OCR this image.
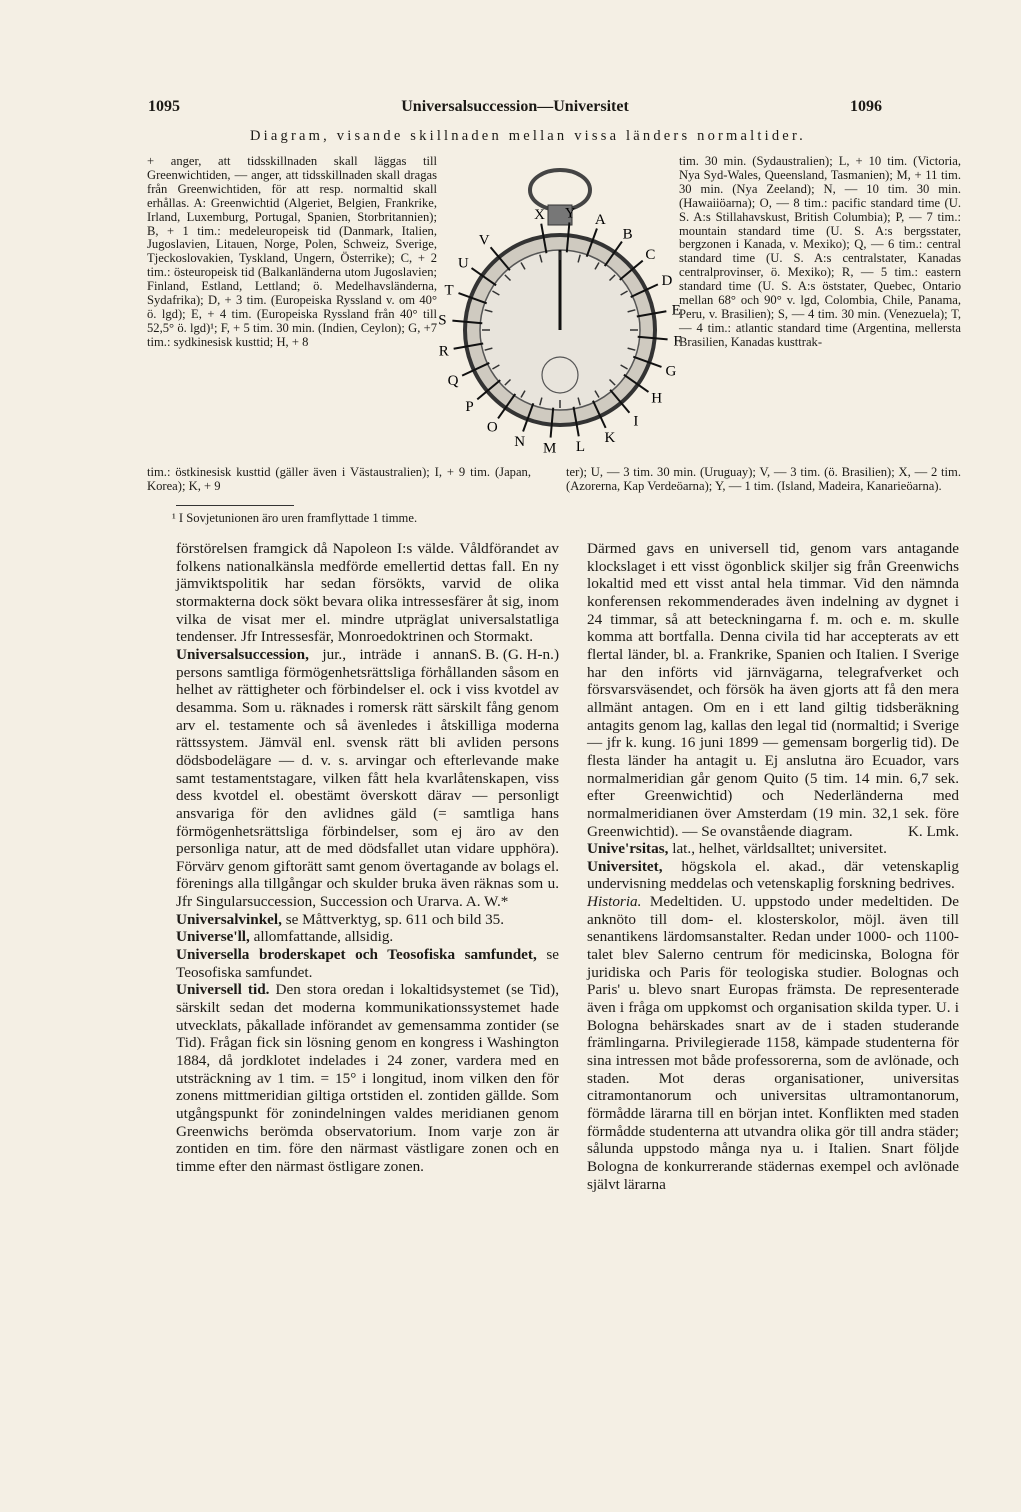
1095	Universalsuccession—Universitet	1096
Diagram, visande skillnaden mellan vissa länders normaltider.
+ anger, att tidsskillnaden skall läggas till Greenwichtiden, — anger, att tidsskillnaden skall dragas från Greenwichtiden, för att resp. normaltid skall erhållas. A: Greenwichtid (Algeriet, Belgien, Frankrike, Irland, Luxemburg, Portugal, Spanien, Storbritannien); B, + 1 tim.: medeleuropeisk tid (Danmark, Italien, Jugoslavien, Litauen, Norge, Polen, Schweiz, Sverige, Tjeckoslovakien, Tyskland, Ungern, Österrike); C, + 2 tim.: östeuropeisk tid (Balkanländerna utom Jugoslavien; Finland, Estland, Lettland; ö. Medelhavsländerna, Sydafrika); D, + 3 tim. (Europeiska Ryssland v. om 40° ö. lgd); E, + 4 tim. (Europeiska Ryssland från 40° till 52,5° ö. lgd)¹; F, + 5 tim. 30 min. (Indien, Ceylon); G, +7 tim.: sydkinesisk kusttid; H, + 8
tim. 30 min. (Sydaustralien); L, + 10 tim. (Victoria, Nya Syd-Wales, Queensland, Tasmanien); M, + 11 tim. 30 min. (Nya Zeeland); N, — 10 tim. 30 min. (Hawaiiöarna); O, — 8 tim.: pacific standard time (U. S. A:s Stillahavskust, British Columbia); P, — 7 tim.: mountain standard time (U. S. A:s bergsstater, bergzonen i Kanada, v. Mexiko); Q, — 6 tim.: central standard time (U. S. A:s centralstater, Kanadas centralprovinser, ö. Mexiko); R, — 5 tim.: eastern standard time (U. S. A:s öststater, Quebec, Ontario mellan 68° och 90° v. lgd, Colombia, Chile, Panama, Peru, v. Brasilien); S, — 4 tim. 30 min. (Venezuela); T, — 4 tim.: atlantic standard time (Argentina, mellersta Brasilien, Kanadas kusttrak-
tim.: östkinesisk kusttid (gäller även i Västaustralien); I, + 9 tim. (Japan, Korea); K, + 9
ter); U, — 3 tim. 30 min. (Uruguay); V, — 3 tim. (ö. Brasilien); X, — 2 tim. (Azorerna, Kap Verdeöarna); Y, — 1 tim. (Island, Madeira, Kanarieöarna).
¹ I Sovjetunionen äro uren framflyttade 1 timme.
X Y A
B
C
D
E
F
G
H
I
K
L
M
N
O
P
Q
R
S
T
U
V

förstörelsen framgick då Napoleon I:s välde. Våldförandet av folkens nationalkänsla medförde emellertid dettas fall. En ny jämviktspolitik har sedan försökts, varvid de olika stormakterna dock sökt bevara olika intressesfärer åt sig, inom vilka de visat mer el. mindre utpräglat universalstatliga tendenser. Jfr Intressesfär, Monroedoktrinen och Stormakt.
S. B. (G. H-n.)

Universalsuccession, jur., inträde i annan persons samtliga förmögenhetsrättsliga förhållanden såsom en helhet av rättigheter och förbindelser el. ock i viss kvotdel av desamma. Som u. räknades i romersk rätt särskilt fång genom arv el. testamente och så ävenledes i åtskilliga moderna rättssystem. Jämväl enl. svensk rätt bli avliden persons dödsbodelägare — d. v. s. arvingar och efterlevande make samt testamentstagare, vilken fått hela kvarlåtenskapen, viss dess kvotdel el. obestämt överskott därav — personligt ansvariga för den avlidnes gäld (= samtliga hans förmögenhetsrättsliga förbindelser, som ej äro av den personliga natur, att de med dödsfallet utan vidare upphöra). Förvärv genom giftorätt samt genom övertagande av bolags el. förenings alla tillgångar och skulder bruka även räknas som u. Jfr Singularsuccession, Succession och Urarva. A. W.*

Universalvinkel, se Måttverktyg, sp. 611 och bild 35.

Universe'll, allomfattande, allsidig.

Universella broderskapet och Teosofiska samfundet, se Teosofiska samfundet.

Universell tid. Den stora oredan i lokaltidsystemet (se Tid), särskilt sedan det moderna kommunikationssystemet hade utvecklats, påkallade införandet av gemensamma zontider (se Tid). Frågan fick sin lösning genom en kongress i Washington 1884, då jordklotet indelades i 24 zoner, vardera med en utsträckning av 1 tim. = 15° i longitud, inom vilken den för zonens mittmeridian giltiga ortstiden el. zontiden gällde. Som utgångspunkt för zonindelningen valdes meridianen genom Greenwichs berömda observatorium. Inom varje zon är zontiden en tim. före den närmast västligare zonen och en timme efter den närmast östligare zonen.

Därmed gavs en universell tid, genom vars antagande klockslaget i ett visst ögonblick skiljer sig från Greenwichs lokaltid med ett visst antal hela timmar. Vid den nämnda konferensen rekommenderades även indelning av dygnet i 24 timmar, så att beteckningarna f. m. och e. m. skulle komma att bortfalla. Denna civila tid har accepterats av ett flertal länder, bl. a. Frankrike, Spanien och Italien. I Sverige har den införts vid järnvägarna, telegrafverket och försvarsväsendet, och försök ha även gjorts att få den mera allmänt antagen. Om en i ett land giltig tidsberäkning antagits genom lag, kallas den legal tid (normaltid; i Sverige — jfr k. kung. 16 juni 1899 — gemensam borgerlig tid). De flesta länder ha antagit u. Ej anslutna äro Ecuador, vars normalmeridian går genom Quito (5 tim. 14 min. 6,7 sek. efter Greenwichtid) och Nederländerna med normalmeridianen över Amsterdam (19 min. 32,1 sek. före Greenwichtid). — Se ovanstående diagram.	K. Lmk.

Unive'rsitas, lat., helhet, världsalltet; universitet.

Universitet, högskola el. akad., där vetenskaplig undervisning meddelas och vetenskaplig forskning bedrives.

Historia. Medeltiden. U. uppstodo under medeltiden. De anknöto till dom- el. klosterskolor, möjl. även till senantikens lärdomsanstalter. Redan under 1000- och 1100-talet blev Salerno centrum för medicinska, Bologna för juridiska och Paris för teologiska studier. Bolognas och Paris' u. blevo snart Europas främsta. De representerade även i fråga om uppkomst och organisation skilda typer. U. i Bologna behärskades snart av de i staden studerande främlingarna. Privilegierade 1158, kämpade studenterna för sina intressen mot både professorerna, som de avlönade, och staden. Mot deras organisationer, universitas citramontanorum och universitas ultramontanorum, förmådde lärarna till en början intet. Konflikten med staden förmådde studenterna att utvandra olika gör till andra städer; sålunda uppstodo många nya u. i Italien. Snart följde Bologna de konkurrerande städernas exempel och avlönade självt lärarna
